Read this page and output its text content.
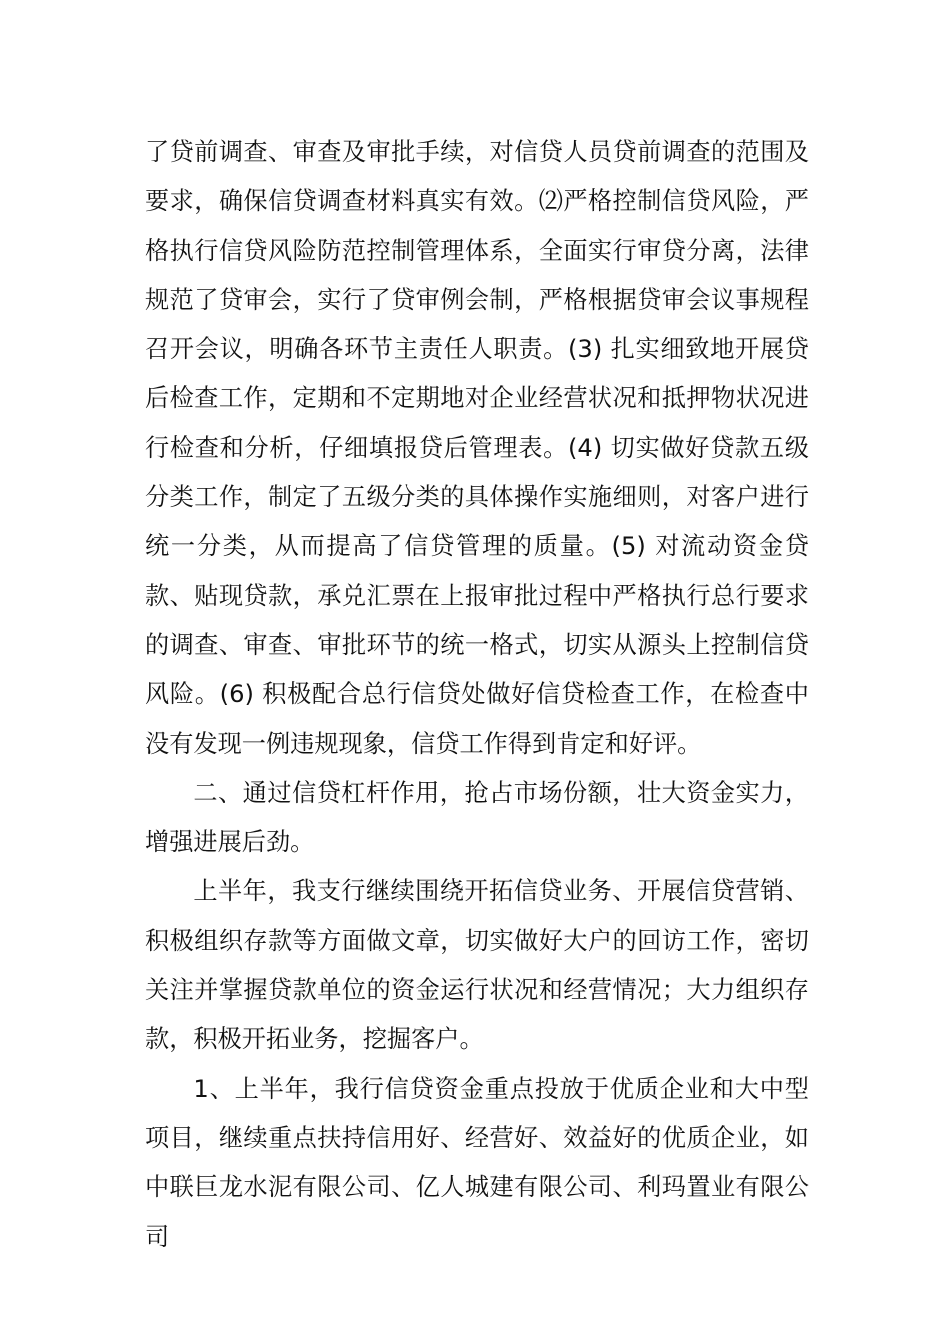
了贷前调查、审查及审批手续，对信贷人员贷前调查的范围及要求，确保信贷调查材料真实有效。⑵严格控制信贷风险，严格执行信贷风险防范控制管理体系，全面实行审贷分离，法律规范了贷审会，实行了贷审例会制，严格根据贷审会议事规程召开会议，明确各环节主责任人职责。(3) 扎实细致地开展贷后检查工作，定期和不定期地对企业经营状况和抵押物状况进行检查和分析，仔细填报贷后管理表。(4) 切实做好贷款五级分类工作，制定了五级分类的具体操作实施细则，对客户进行统一分类，从而提高了信贷管理的质量。(5) 对流动资金贷款、贴现贷款，承兑汇票在上报审批过程中严格执行总行要求的调查、审查、审批环节的统一格式，切实从源头上控制信贷风险。(6) 积极配合总行信贷处做好信贷检查工作，在检查中没有发现一例违规现象，信贷工作得到肯定和好评。

二、通过信贷杠杆作用，抢占市场份额，壮大资金实力，增强进展后劲。

上半年，我支行继续围绕开拓信贷业务、开展信贷营销、积极组织存款等方面做文章，切实做好大户的回访工作，密切关注并掌握贷款单位的资金运行状况和经营情况；大力组织存款，积极开拓业务，挖掘客户。

1、上半年，我行信贷资金重点投放于优质企业和大中型项目，继续重点扶持信用好、经营好、效益好的优质企业，如中联巨龙水泥有限公司、亿人城建有限公司、利玛置业有限公司
